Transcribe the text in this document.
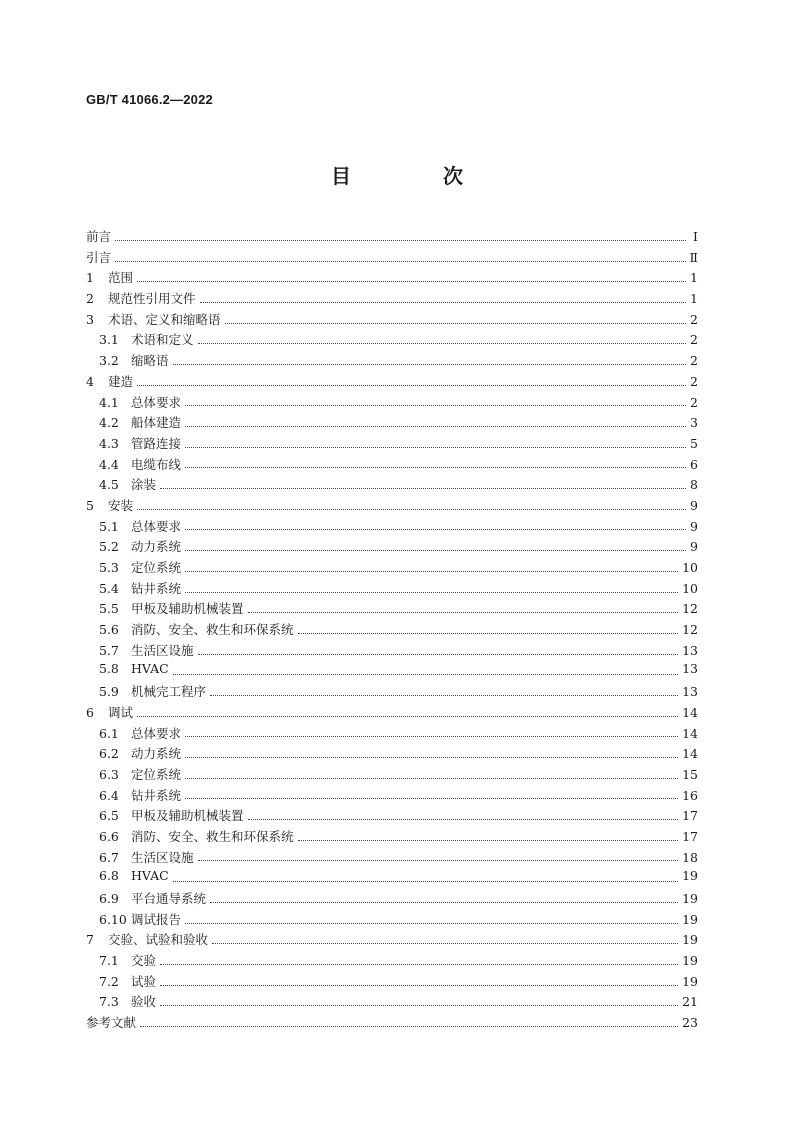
GB/T 41066.2—2022
目　次
前言	Ⅰ
引言	Ⅱ
1	范围	1
2	规范性引用文件	1
3	术语、定义和缩略语	2
3.1 术语和定义	2
3.2 缩略语	2
4	建造	2
4.1 总体要求	2
4.2 船体建造	3
4.3 管路连接	5
4.4 电缆布线	6
4.5 涂装	8
5	安装	9
5.1 总体要求	9
5.2 动力系统	9
5.3 定位系统	10
5.4 钻井系统	10
5.5 甲板及辅助机械装置	12
5.6 消防、安全、救生和环保系统	12
5.7 生活区设施	13
5.8 HVAC	13
5.9 机械完工程序	13
6	调试	14
6.1 总体要求	14
6.2 动力系统	14
6.3 定位系统	15
6.4 钻井系统	16
6.5 甲板及辅助机械装置	17
6.6 消防、安全、救生和环保系统	17
6.7 生活区设施	18
6.8 HVAC	19
6.9 平台通导系统	19
6.10 调试报告	19
7	交验、试验和验收	19
7.1 交验	19
7.2 试验	19
7.3 验收	21
参考文献	23
